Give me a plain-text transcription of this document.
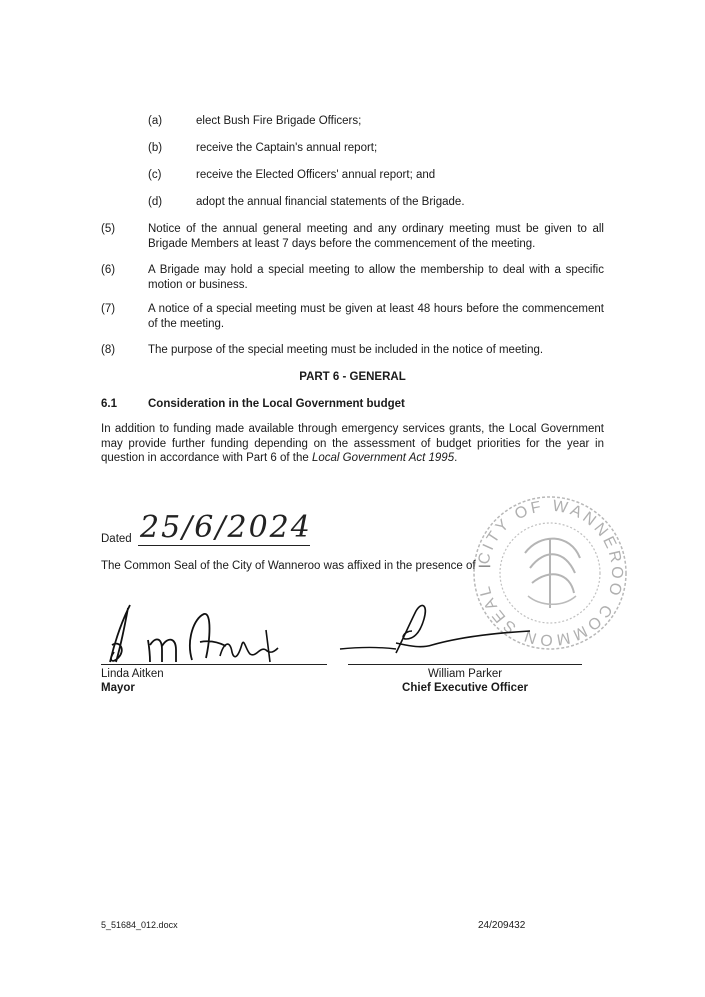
(a)	elect Bush Fire Brigade Officers;
(b)	receive the Captain's annual report;
(c)	receive the Elected Officers' annual report; and
(d)	adopt the annual financial statements of the Brigade.
(5)	Notice of the annual general meeting and any ordinary meeting must be given to all Brigade Members at least 7 days before the commencement of the meeting.
(6)	A Brigade may hold a special meeting to allow the membership to deal with a specific motion or business.
(7)	A notice of a special meeting must be given at least 48 hours before the commencement of the meeting.
(8)	The purpose of the special meeting must be included in the notice of meeting.
PART 6 - GENERAL
6.1	Consideration in the Local Government budget
In addition to funding made available through emergency services grants, the Local Government may provide further funding depending on the assessment of budget priorities for the year in question in accordance with Part 6 of the Local Government Act 1995.
CITY OF WANNEROO COMMON SEAL
Dated 25/6/2024
The Common Seal of the City of Wanneroo was affixed in the presence of —
Linda Aitken
Mayor
William Parker
Chief Executive Officer
5_51684_012.docx	24/209432
